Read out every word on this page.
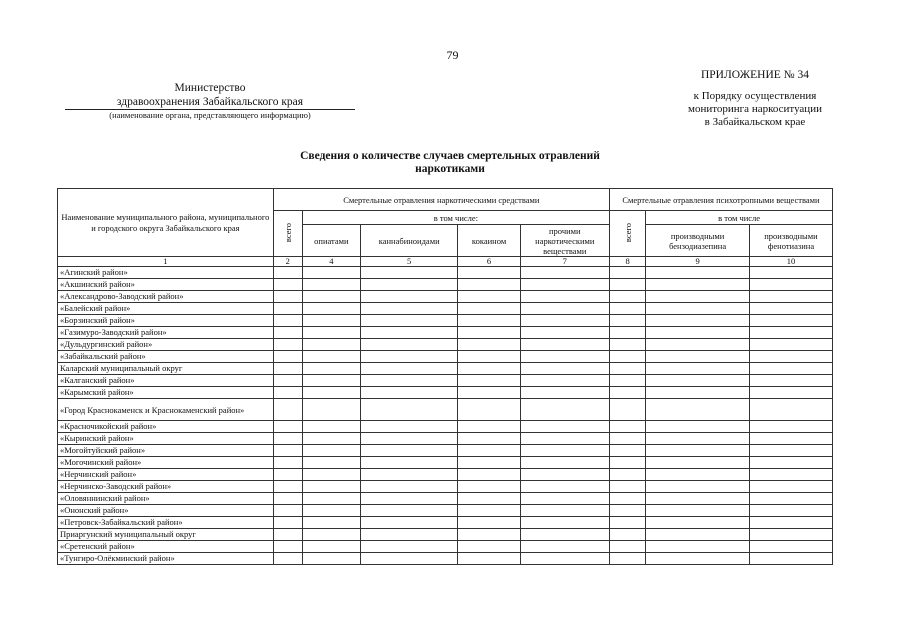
79
Министерство
здравоохранения Забайкальского края
(наименование органа, представляющего информацию)
ПРИЛОЖЕНИЕ № 34
к Порядку осуществления
мониторинга наркоситуации
в Забайкальском крае
Сведения о количестве случаев смертельных отравлений
наркотиками
Наименование муниципального района, муниципального и городского округа Забайкальского края	Смертельные отравления наркотическими средствами					Смертельные отравления психотропными веществами		
	всего	в том числе:				всего	в том числе	
		опиатами	каннабиноидами	кокаином	прочими наркотическими веществами		производными бензодиазепина	производными фенотиазина
1	2	4	5	6	7	8	9	10
«Агинский район»								
«Акшинский район»								
«Александрово-Заводский район»								
«Балейский район»								
«Борзинский район»								
«Газимуро-Заводский район»								
«Дульдургинский район»								
«Забайкальский район»								
Каларский муниципальный округ								
«Калганский район»								
«Карымский район»								
«Город Краснокаменск и Краснокаменский район»								
«Красночикойский район»								
«Кыринский район»								
«Могойтуйский район»								
«Могочинский район»								
«Нерчинский район»								
«Нерчинско-Заводский район»								
«Оловяннинский район»								
«Ононский район»								
«Петровск-Забайкальский район»								
Приаргунский муниципальный округ								
«Сретенский район»								
«Тунгиро-Олёкминский район»								
